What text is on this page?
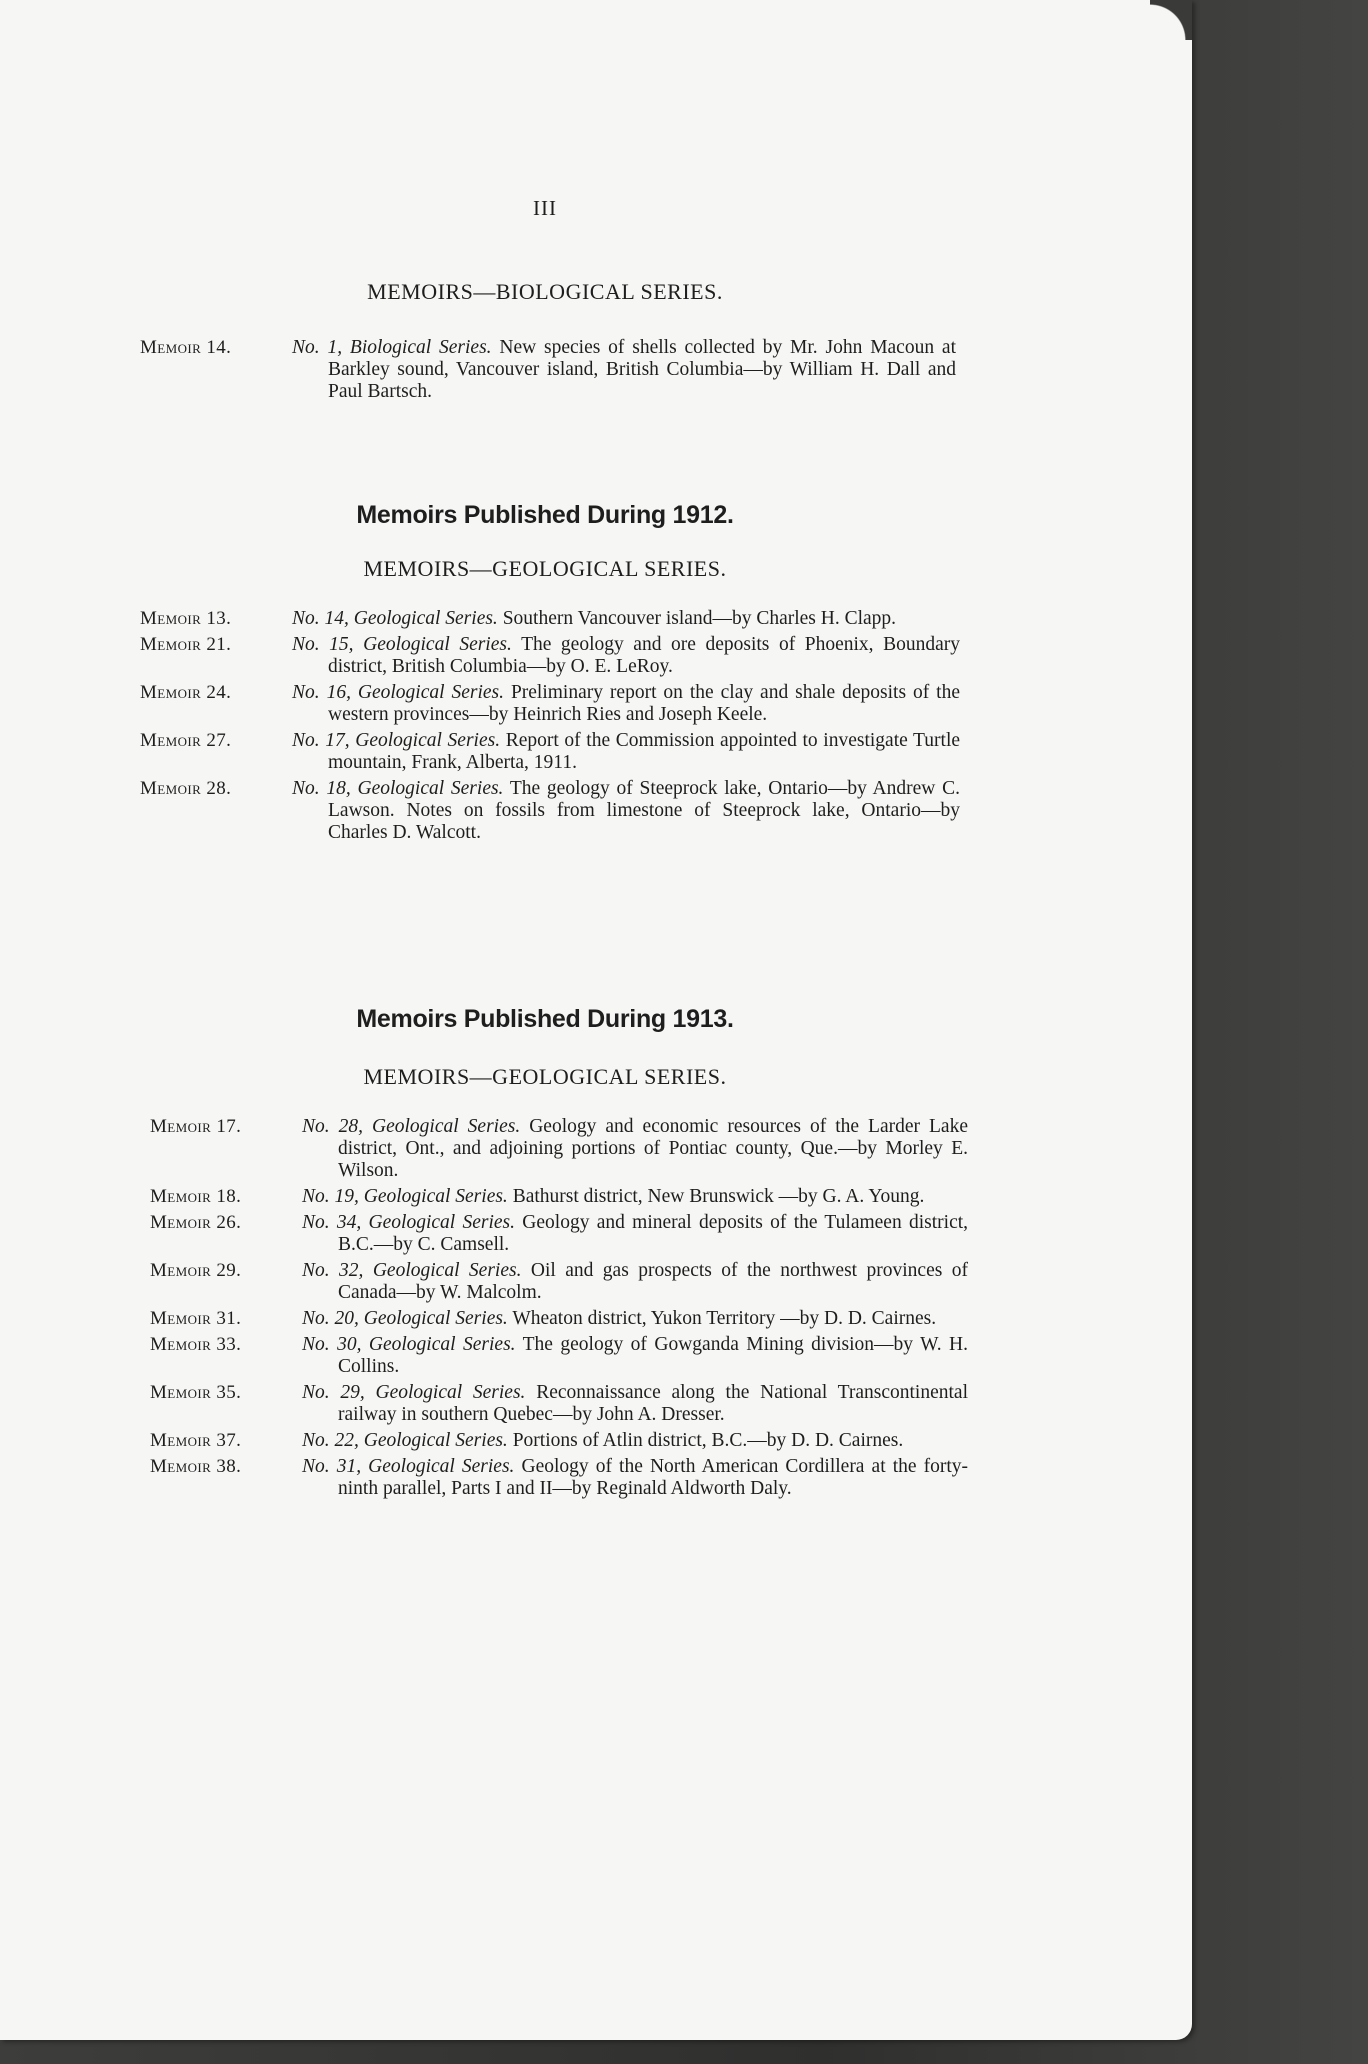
III
MEMOIRS—BIOLOGICAL SERIES.
Memoir 14.	No. 1, Biological Series. New species of shells collected by Mr. John Macoun at Barkley sound, Vancouver island, British Columbia—by William H. Dall and Paul Bartsch.
Memoirs Published During 1912.
MEMOIRS—GEOLOGICAL SERIES.
Memoir 13.	No. 14, Geological Series. Southern Vancouver island—by Charles H. Clapp.
Memoir 21.	No. 15, Geological Series. The geology and ore deposits of Phoenix, Boundary district, British Columbia—by O. E. LeRoy.
Memoir 24.	No. 16, Geological Series. Preliminary report on the clay and shale deposits of the western provinces—by Heinrich Ries and Joseph Keele.
Memoir 27.	No. 17, Geological Series. Report of the Commission appointed to investigate Turtle mountain, Frank, Alberta, 1911.
Memoir 28.	No. 18, Geological Series. The geology of Steeprock lake, Ontario—by Andrew C. Lawson. Notes on fossils from limestone of Steeprock lake, Ontario—by Charles D. Walcott.
Memoirs Published During 1913.
MEMOIRS—GEOLOGICAL SERIES.
Memoir 17.	No. 28, Geological Series. Geology and economic resources of the Larder Lake district, Ont., and adjoining portions of Pontiac county, Que.—by Morley E. Wilson.
Memoir 18.	No. 19, Geological Series. Bathurst district, New Brunswick —by G. A. Young.
Memoir 26.	No. 34, Geological Series. Geology and mineral deposits of the Tulameen district, B.C.—by C. Camsell.
Memoir 29.	No. 32, Geological Series. Oil and gas prospects of the northwest provinces of Canada—by W. Malcolm.
Memoir 31.	No. 20, Geological Series. Wheaton district, Yukon Territory —by D. D. Cairnes.
Memoir 33.	No. 30, Geological Series. The geology of Gowganda Mining division—by W. H. Collins.
Memoir 35.	No. 29, Geological Series. Reconnaissance along the National Transcontinental railway in southern Quebec—by John A. Dresser.
Memoir 37.	No. 22, Geological Series. Portions of Atlin district, B.C.—by D. D. Cairnes.
Memoir 38.	No. 31, Geological Series. Geology of the North American Cordillera at the forty-ninth parallel, Parts I and II—by Reginald Aldworth Daly.
